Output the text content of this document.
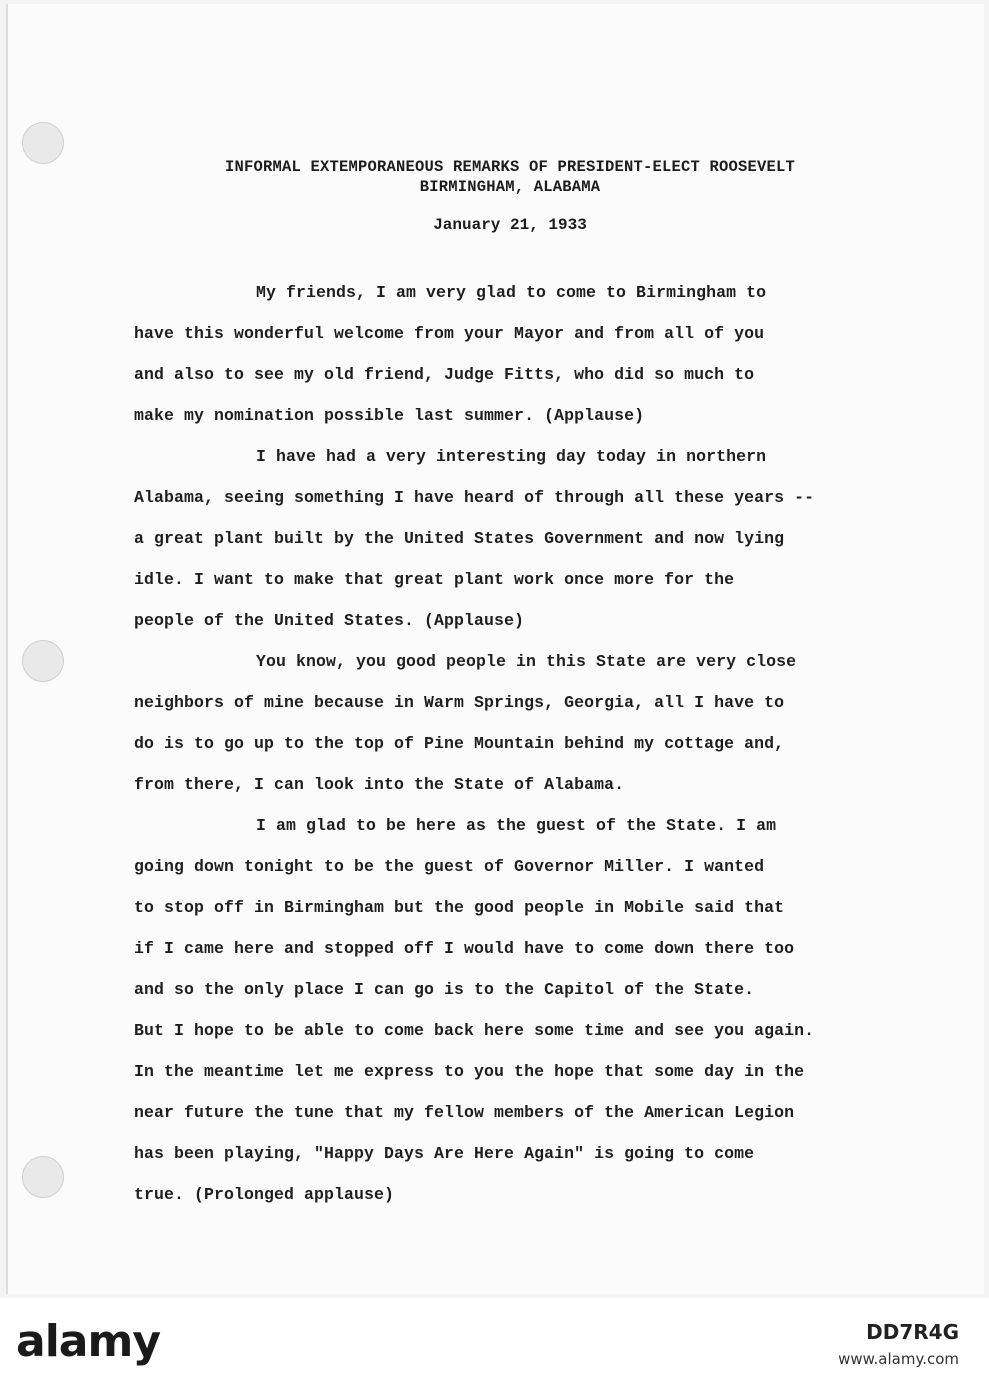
INFORMAL EXTEMPORANEOUS REMARKS OF PRESIDENT-ELECT ROOSEVELT
BIRMINGHAM, ALABAMA
January 21, 1933
My friends, I am very glad to come to Birmingham to
have this wonderful welcome from your Mayor and from all of you
and also to see my old friend, Judge Fitts, who did so much to
make my nomination possible last summer. (Applause)
I have had a very interesting day today in northern
Alabama, seeing something I have heard of through all these years --
a great plant built by the United States Government and now lying
idle. I want to make that great plant work once more for the
people of the United States. (Applause)
You know, you good people in this State are very close
neighbors of mine because in Warm Springs, Georgia, all I have to
do is to go up to the top of Pine Mountain behind my cottage and,
from there, I can look into the State of Alabama.
I am glad to be here as the guest of the State. I am
going down tonight to be the guest of Governor Miller. I wanted
to stop off in Birmingham but the good people in Mobile said that
if I came here and stopped off I would have to come down there too
and so the only place I can go is to the Capitol of the State.
But I hope to be able to come back here some time and see you again.
In the meantime let me express to you the hope that some day in the
near future the tune that my fellow members of the American Legion
has been playing, "Happy Days Are Here Again" is going to come
true. (Prolonged applause)
alamy	DD7R4G
www.alamy.com
